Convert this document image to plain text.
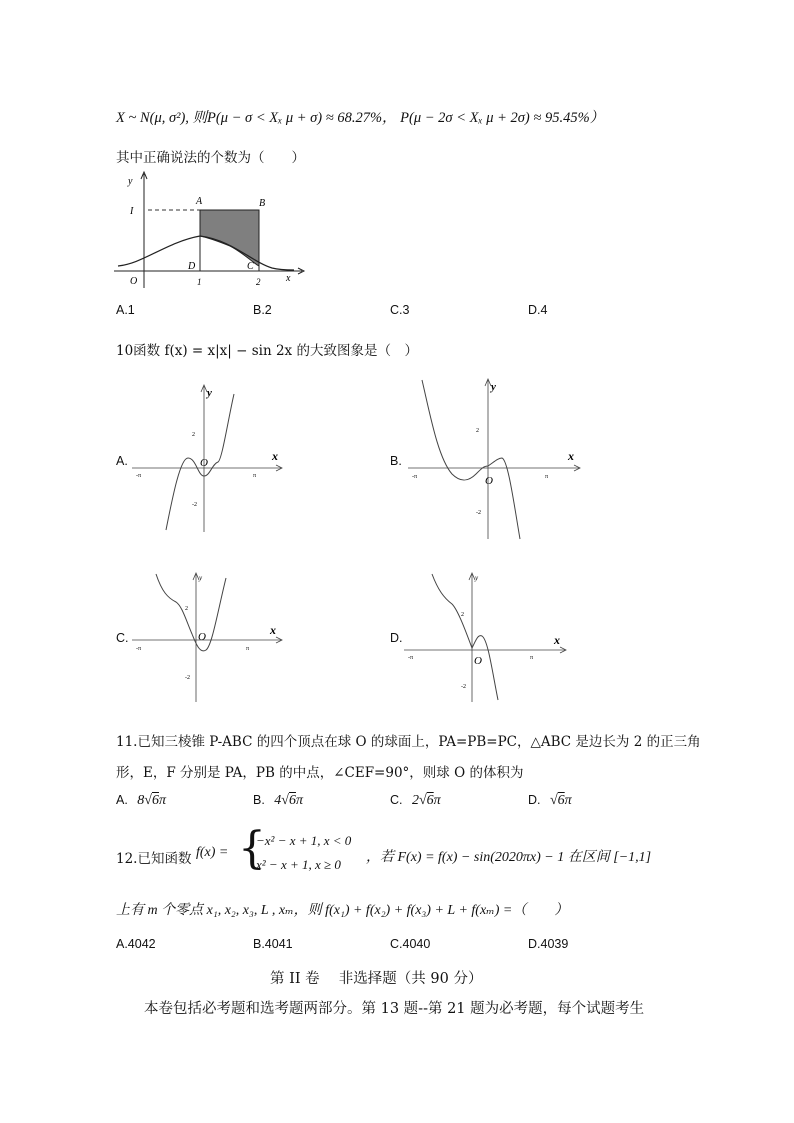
X ~ N(μ, σ²), 则P(μ − σ < Xₓ μ + σ) ≈ 68.27%， P(μ − 2σ < Xₓ μ + 2σ) ≈ 95.45%）
其中正确说法的个数为（　　）
y
x
O
I
1	2
A	B
C
D
A.1	B.2	C.3	D.4
10函数 f(x) = x|x| − sin 2x 的大致图象是（　）
A.	B.
C.	D.
x
y
O
2
-2
π
-π
x
y
O
2
-2
π
-π
x
y
O
2
-2
π
-π
x
y
O
2
-2
π
-π
11.已知三棱锥 P-ABC 的四个顶点在球 O 的球面上，PA=PB=PC，△ABC 是边长为 2 的正三角
形，E，F 分别是 PA，PB 的中点，∠CEF=90°，则球 O 的体积为
A. 8√6π	B. 4√6π	C. 2√6π	D. √6π
12.已知函数 f(x) = {
−x² − x + 1, x < 0
x² − x + 1, x ≥ 0 ，若 F(x) = f(x) − sin(2020πx) − 1 在区间 [−1,1]
上有 m 个零点 x₁, x₂, x₃, L , xₘ，则 f(x₁) + f(x₂) + f(x₃) + L + f(xₘ) =（　　）
A.4042	B.4041	C.4040	D.4039
第 II 卷　 非选择题（共 90 分）
本卷包括必考题和选考题两部分。第 13 题--第 21 题为必考题，每个试题考生
